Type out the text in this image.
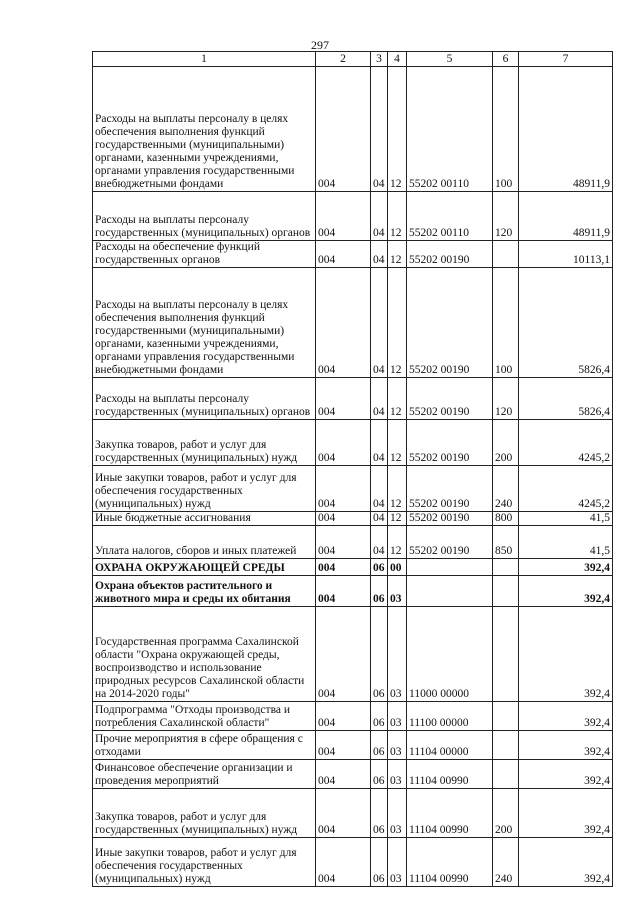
297
1	2	3	4	5	6	7
Расходы на выплаты персоналу в целях обеспечения выполнения функций государственными (муниципальными) органами, казенными учреждениями, органами управления государственными внебюджетными фондами	004	04	12	55202 00110	100	48911,9
Расходы на выплаты персоналу государственных (муниципальных) органов	004	04	12	55202 00110	120	48911,9
Расходы на обеспечение функций государственных органов	004	04	12	55202 00190		10113,1
Расходы на выплаты персоналу в целях обеспечения выполнения функций государственными (муниципальными) органами, казенными учреждениями, органами управления государственными внебюджетными фондами	004	04	12	55202 00190	100	5826,4
Расходы на выплаты персоналу государственных (муниципальных) органов	004	04	12	55202 00190	120	5826,4
Закупка товаров, работ и услуг для государственных (муниципальных) нужд	004	04	12	55202 00190	200	4245,2
Иные закупки товаров, работ и услуг для обеспечения государственных (муниципальных) нужд	004	04	12	55202 00190	240	4245,2
Иные бюджетные ассигнования	004	04	12	55202 00190	800	41,5
Уплата налогов, сборов и иных платежей	004	04	12	55202 00190	850	41,5
ОХРАНА ОКРУЖАЮЩЕЙ СРЕДЫ	004	06	00			392,4
Охрана объектов растительного и животного мира и среды их обитания	004	06	03			392,4
Государственная программа Сахалинской области "Охрана окружающей среды, воспроизводство и использование природных ресурсов Сахалинской области на 2014-2020 годы"	004	06	03	11000 00000		392,4
Подпрограмма "Отходы производства и потребления Сахалинской области"	004	06	03	11100 00000		392,4
Прочие мероприятия в сфере обращения с отходами	004	06	03	11104 00000		392,4
Финансовое обеспечение организации и проведения мероприятий	004	06	03	11104 00990		392,4
Закупка товаров, работ и услуг для государственных (муниципальных) нужд	004	06	03	11104 00990	200	392,4
Иные закупки товаров, работ и услуг для обеспечения государственных (муниципальных) нужд	004	06	03	11104 00990	240	392,4
